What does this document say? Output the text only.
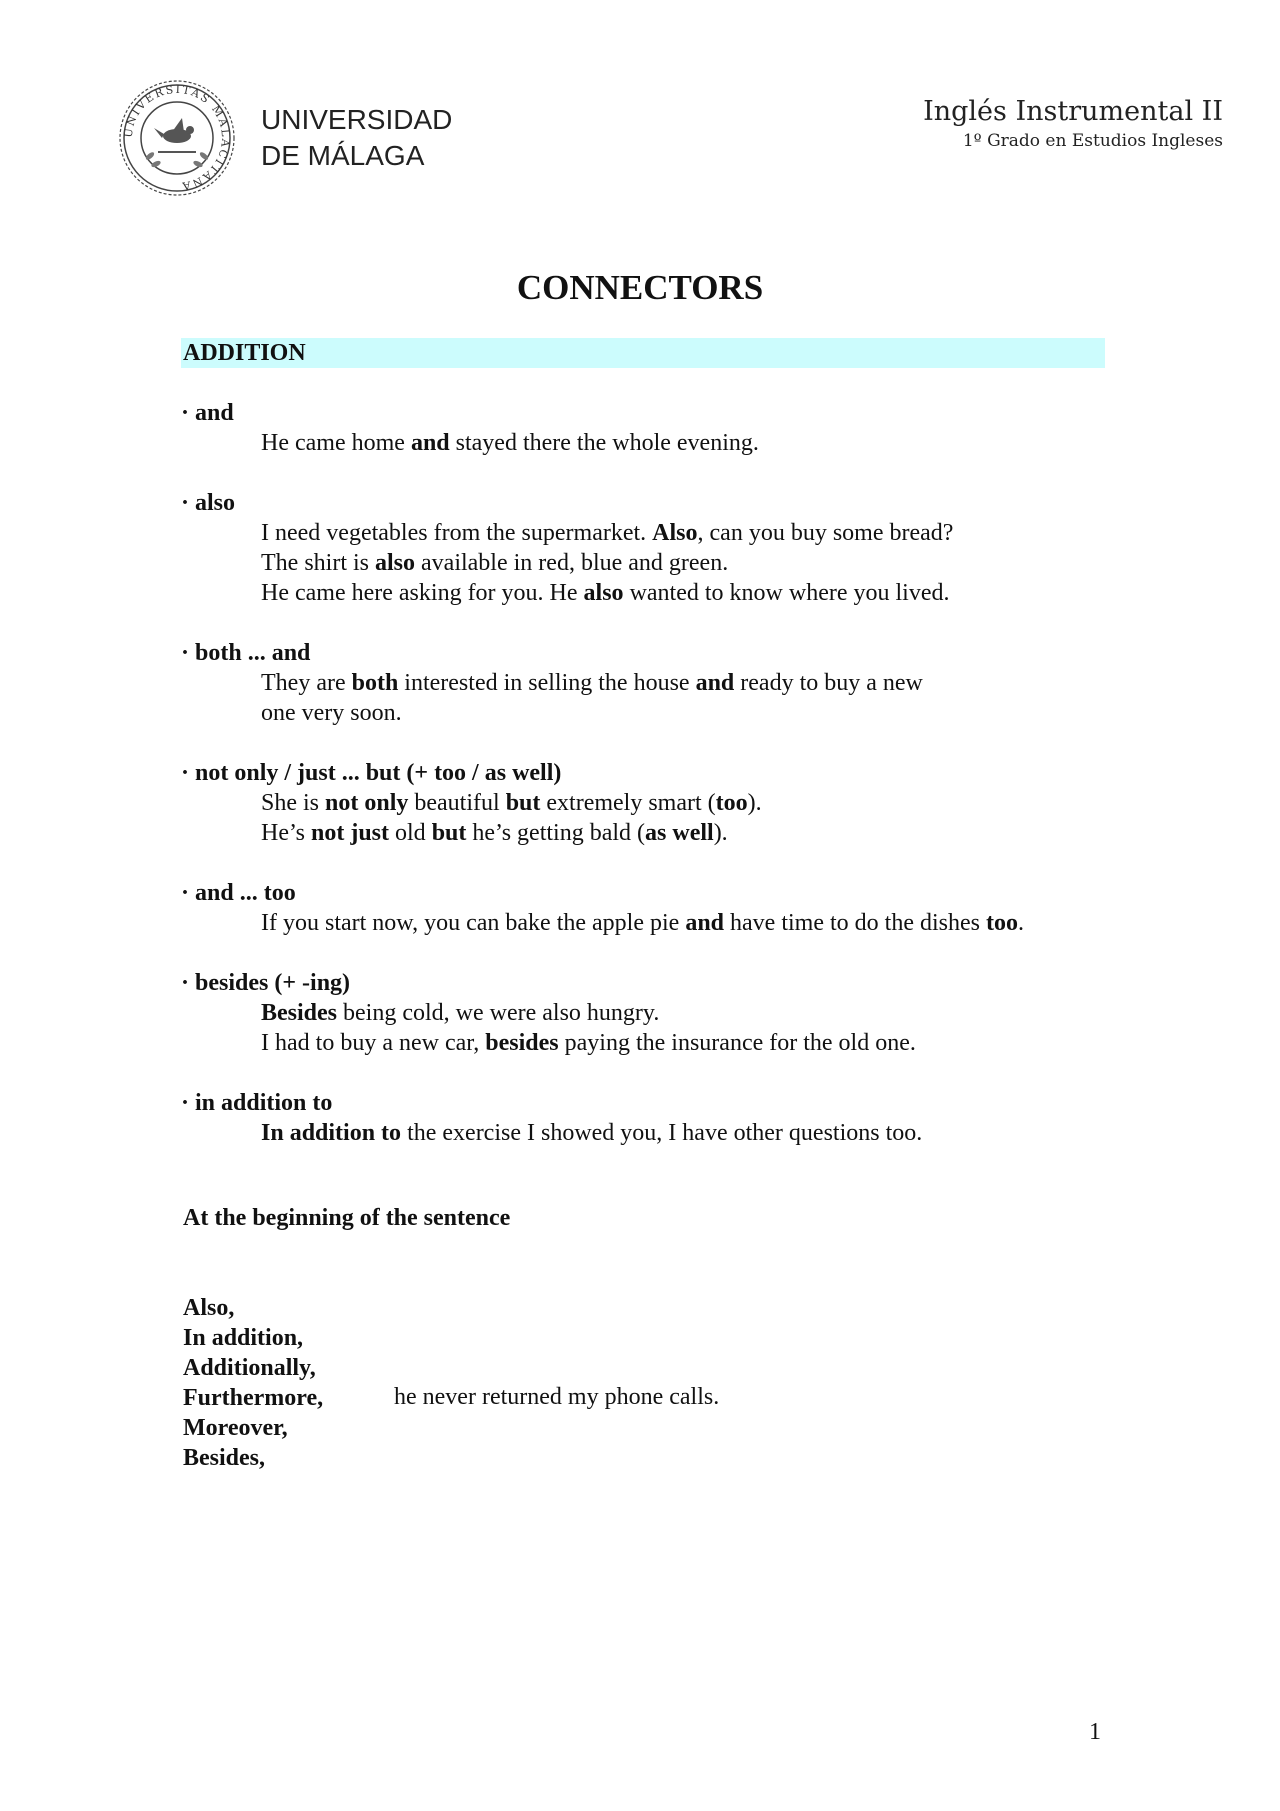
UNIVERSITAS MALACITANA
UNIVERSIDAD
DE MÁLAGA
Inglés Instrumental II
1º Grado en Estudios Ingleses
CONNECTORS
ADDITION
· and
He came home and stayed there the whole evening.
· also
I need vegetables from the supermarket. Also, can you buy some bread?
The shirt is also available in red, blue and green.
He came here asking for you. He also wanted to know where you lived.
· both ... and
They are both interested in selling the house and ready to buy a new
one very soon.
· not only / just ... but (+ too / as well)
She is not only beautiful but extremely smart (too).
He’s not just old but he’s getting bald (as well).
· and ... too
If you start now, you can bake the apple pie and have time to do the dishes too.
· besides (+ -ing)
Besides being cold, we were also hungry.
I had to buy a new car, besides paying the insurance for the old one.
· in addition to
In addition to the exercise I showed you, I have other questions too.
At the beginning of the sentence
Also,
In addition,
Additionally,
Furthermore,
Moreover,
Besides,
he never returned my phone calls.
1
